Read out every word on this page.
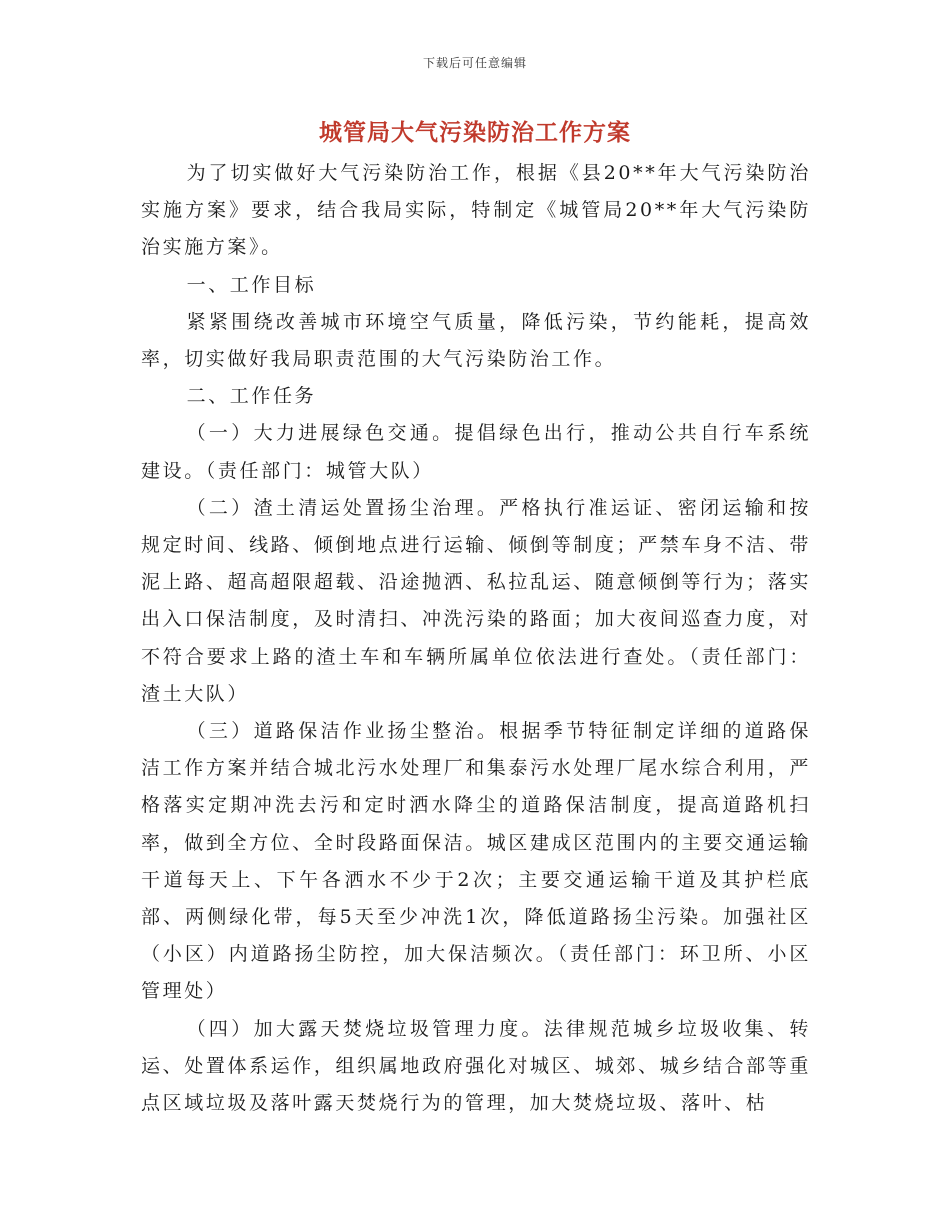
下载后可任意编辑
城管局大气污染防治工作方案

为了切实做好大气污染防治工作，根据《县20**年大气污染防治实施方案》要求，结合我局实际，特制定《城管局20**年大气污染防治实施方案》。

一、工作目标

紧紧围绕改善城市环境空气质量，降低污染，节约能耗，提高效率，切实做好我局职责范围的大气污染防治工作。

二、工作任务

（一）大力进展绿色交通。提倡绿色出行，推动公共自行车系统建设。（责任部门：城管大队）

（二）渣土清运处置扬尘治理。严格执行准运证、密闭运输和按规定时间、线路、倾倒地点进行运输、倾倒等制度；严禁车身不洁、带泥上路、超高超限超载、沿途抛洒、私拉乱运、随意倾倒等行为；落实出入口保洁制度，及时清扫、冲洗污染的路面；加大夜间巡查力度，对不符合要求上路的渣土车和车辆所属单位依法进行查处。（责任部门：渣土大队）

（三）道路保洁作业扬尘整治。根据季节特征制定详细的道路保洁工作方案并结合城北污水处理厂和集泰污水处理厂尾水综合利用，严格落实定期冲洗去污和定时洒水降尘的道路保洁制度，提高道路机扫率，做到全方位、全时段路面保洁。城区建成区范围内的主要交通运输干道每天上、下午各洒水不少于2次；主要交通运输干道及其护栏底部、两侧绿化带，每5天至少冲洗1次，降低道路扬尘污染。加强社区（小区）内道路扬尘防控，加大保洁频次。（责任部门：环卫所、小区管理处）

（四）加大露天焚烧垃圾管理力度。法律规范城乡垃圾收集、转运、处置体系运作，组织属地政府强化对城区、城郊、城乡结合部等重点区域垃圾及落叶露天焚烧行为的管理，加大焚烧垃圾、落叶、枯
